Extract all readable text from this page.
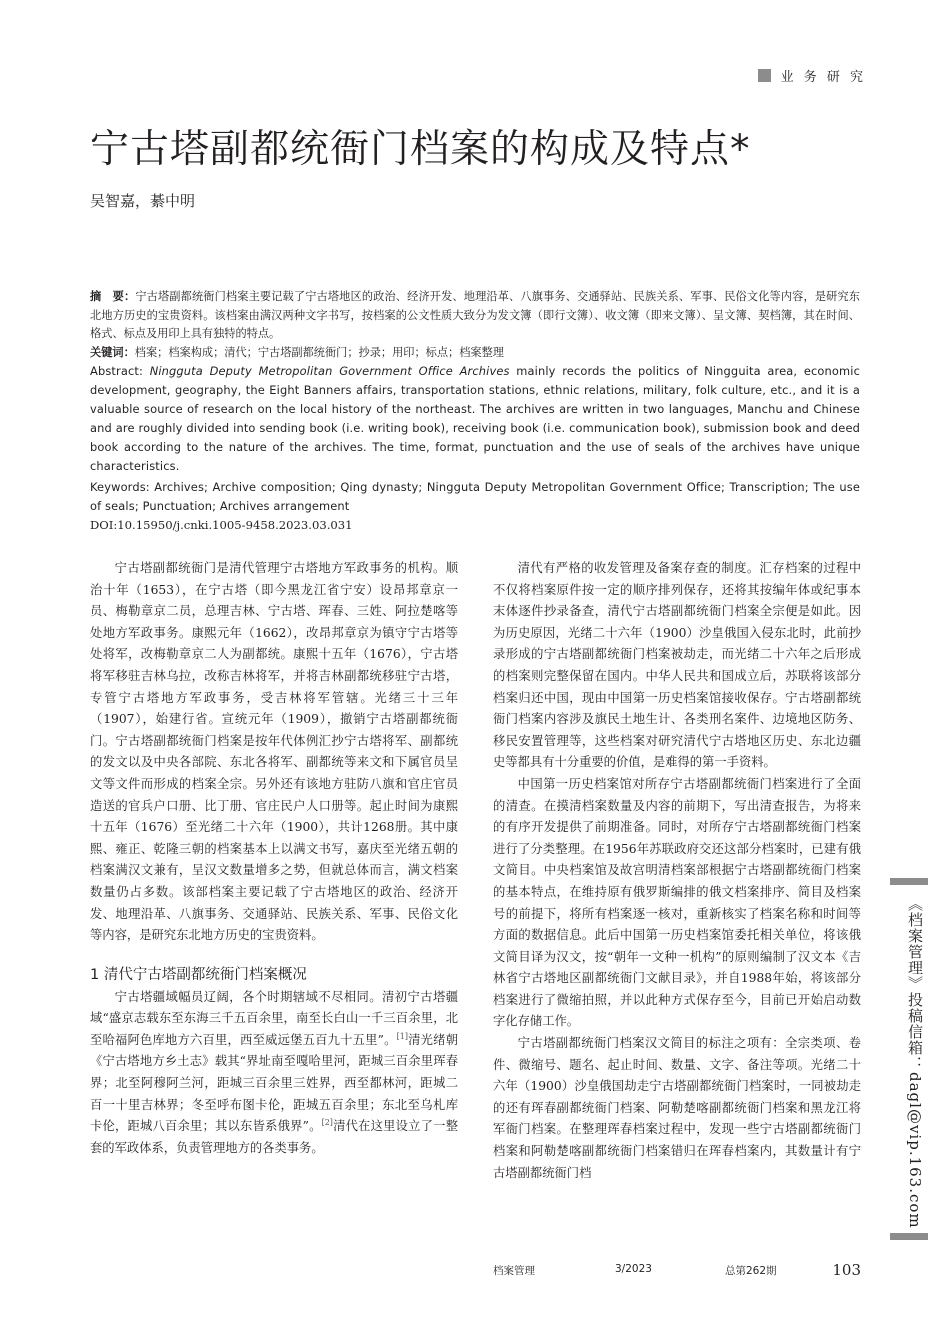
业 务 研 究
宁古塔副都统衙门档案的构成及特点*
吴智嘉，綦中明

摘　要：宁古塔副都统衙门档案主要记载了宁古塔地区的政治、经济开发、地理沿革、八旗事务、交通驿站、民族关系、军事、民俗文化等内容，是研究东北地方历史的宝贵资料。该档案由满汉两种文字书写，按档案的公文性质大致分为发文簿（即行文簿）、收文簿（即来文簿）、呈文簿、契档簿，其在时间、格式、标点及用印上具有独特的特点。

关键词：档案；档案构成；清代；宁古塔副都统衙门；抄录；用印；标点；档案整理

Abstract: Ningguta Deputy Metropolitan Government Office Archives mainly records the politics of Ningguita area, economic development, geography, the Eight Banners affairs, transportation stations, ethnic relations, military, folk culture, etc., and it is a valuable source of research on the local history of the northeast. The archives are written in two languages, Manchu and Chinese and are roughly divided into sending book (i.e. writing book), receiving book (i.e. communication book), submission book and deed book according to the nature of the archives. The time, format, punctuation and the use of seals of the archives have unique characteristics.

Keywords: Archives; Archive composition; Qing dynasty; Ningguta Deputy Metropolitan Government Office; Transcription; The use of seals; Punctuation; Archives arrangement

DOI:10.15950/j.cnki.1005-9458.2023.03.031

宁古塔副都统衙门是清代管理宁古塔地方军政事务的机构。顺治十年（1653），在宁古塔（即今黑龙江省宁安）设昂邦章京一员、梅勒章京二员，总理吉林、宁古塔、珲春、三姓、阿拉楚喀等处地方军政事务。康熙元年（1662），改昂邦章京为镇守宁古塔等处将军，改梅勒章京二人为副都统。康熙十五年（1676），宁古塔将军移驻吉林乌拉，改称吉林将军，并将吉林副都统移驻宁古塔，专管宁古塔地方军政事务，受吉林将军管辖。光绪三十三年（1907），始建行省。宣统元年（1909），撤销宁古塔副都统衙门。宁古塔副都统衙门档案是按年代体例汇抄宁古塔将军、副都统的发文以及中央各部院、东北各将军、副都统等来文和下属官员呈文等文件而形成的档案全宗。另外还有该地方驻防八旗和官庄官员造送的官兵户口册、比丁册、官庄民户人口册等。起止时间为康熙十五年（1676）至光绪二十六年（1900），共计1268册。其中康熙、雍正、乾隆三朝的档案基本上以满文书写，嘉庆至光绪五朝的档案满汉文兼有，呈汉文数量增多之势，但就总体而言，满文档案数量仍占多数。该部档案主要记载了宁古塔地区的政治、经济开发、地理沿革、八旗事务、交通驿站、民族关系、军事、民俗文化等内容，是研究东北地方历史的宝贵资料。

1 清代宁古塔副都统衙门档案概况

宁古塔疆域幅员辽阔，各个时期辖域不尽相同。清初宁古塔疆域“盛京志载东至东海三千五百余里，南至长白山一千三百余里，北至哈福阿色库地方六百里，西至威远堡五百九十五里”。[1]清光绪朝《宁古塔地方乡土志》载其“界址南至嘎哈里河，距城三百余里珲春界；北至阿穆阿兰河，距城三百余里三姓界，西至都林河，距城二百一十里吉林界；冬至呼布图卡伦，距城五百余里；东北至乌札库卡伦，距城八百余里；其以东皆系俄界”。[2]清代在这里设立了一整套的军政体系，负责管理地方的各类事务。

清代有严格的收发管理及备案存查的制度。汇存档案的过程中不仅将档案原件按一定的顺序排列保存，还将其按编年体或纪事本末体逐件抄录备查，清代宁古塔副都统衙门档案全宗便是如此。因为历史原因，光绪二十六年（1900）沙皇俄国入侵东北时，此前抄录形成的宁古塔副都统衙门档案被劫走，而光绪二十六年之后形成的档案则完整保留在国内。中华人民共和国成立后，苏联将该部分档案归还中国，现由中国第一历史档案馆接收保存。宁古塔副都统衙门档案内容涉及旗民土地生计、各类刑名案件、边境地区防务、移民安置管理等，这些档案对研究清代宁古塔地区历史、东北边疆史等都具有十分重要的价值，是难得的第一手资料。

中国第一历史档案馆对所存宁古塔副都统衙门档案进行了全面的清查。在摸清档案数量及内容的前期下，写出清查报告，为将来的有序开发提供了前期准备。同时，对所存宁古塔副都统衙门档案进行了分类整理。在1956年苏联政府交还这部分档案时，已建有俄文简目。中央档案馆及故宫明清档案部根据宁古塔副都统衙门档案的基本特点，在维持原有俄罗斯编排的俄文档案排序、简目及档案号的前提下，将所有档案逐一核对，重新核实了档案名称和时间等方面的数据信息。此后中国第一历史档案馆委托相关单位，将该俄文简目译为汉文，按“朝年一文种一机构”的原则编制了汉文本《吉林省宁古塔地区副都统衙门文献目录》，并自1988年始，将该部分档案进行了微缩拍照，并以此种方式保存至今，目前已开始启动数字化存储工作。

宁古塔副都统衙门档案汉文简目的标注之项有：全宗类项、卷件、微缩号、题名、起止时间、数量、文字、备注等项。光绪二十六年（1900）沙皇俄国劫走宁古塔副都统衙门档案时，一同被劫走的还有珲春副都统衙门档案、阿勒楚喀副都统衙门档案和黑龙江将军衙门档案。在整理珲春档案过程中，发现一些宁古塔副都统衙门档案和阿勒楚喀副都统衙门档案错归在珲春档案内，其数量计有宁古塔副都统衙门档	《档案管理》投稿信箱：dagl@vip.163.com
档案管理	3/2023	总第262期	103
